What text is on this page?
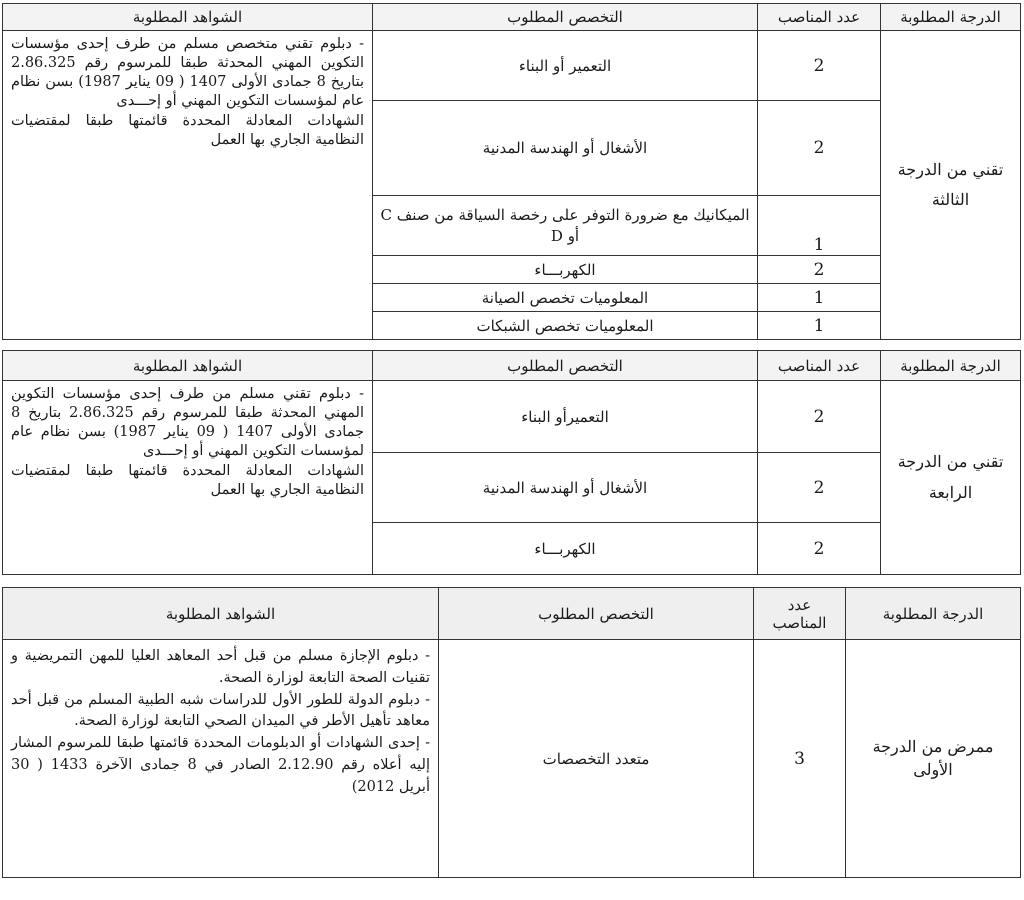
الدرجة المطلوبة	عدد المناصب	التخصص المطلوب	الشواهد المطلوبة
تقني من الدرجة الثالثة	2	التعمير أو البناء	- دبلوم تقني متخصص مسلم من طرف إحدى مؤسسات التكوين المهني المحدثة طبقا للمرسوم رقم 2.86.325 بتاريخ 8 جمادى الأولى 1407 ( 09 يناير 1987) بسن نظام عام لمؤسسات التكوين المهني أو إحـــدى

الشهادات المعادلة المحددة قائمتها طبقا لمقتضيات النظامية الجاري بها العمل

	2	الأشغال أو الهندسة المدنية	
	1	الميكانيك مع ضرورة التوفر على رخصة السياقة من صنف C أو D	
	2	الكهربـــاء	
	1	المعلوميات تخصص الصيانة	
	1	المعلوميات تخصص الشبكات	
الدرجة المطلوبة	عدد المناصب	التخصص المطلوب	الشواهد المطلوبة
تقني من الدرجة الرابعة	2	التعميرأو البناء	- دبلوم تقني مسلم من طرف إحدى مؤسسات التكوين المهني المحدثة طبقا للمرسوم رقم 2.86.325 بتاريخ 8 جمادى الأولى 1407 ( 09 يناير 1987) بسن نظام عام لمؤسسات التكوين المهني أو إحـــدى

الشهادات المعادلة المحددة قائمتها طبقا لمقتضيات النظامية الجاري بها العمل

	2	الأشغال أو الهندسة المدنية	
	2	الكهربـــاء	
الدرجة المطلوبة	عدد المناصب	التخصص المطلوب	الشواهد المطلوبة
ممرض من الدرجة الأولى	3	متعدد التخصصات	- دبلوم الإجازة مسلم من قبل أحد المعاهد العليا للمهن التمريضية و تقنيات الصحة التابعة لوزارة الصحة.

- دبلوم الدولة للطور الأول للدراسات شبه الطبية المسلم من قبل أحد معاهد تأهيل الأطر في الميدان الصحي التابعة لوزارة الصحة.

- إحدى الشهادات أو الدبلومات المحددة قائمتها طبقا للمرسوم المشار إليه أعلاه رقم 2.12.90 الصادر في 8 جمادى الآخرة 1433 ( 30 أبريل 2012)
